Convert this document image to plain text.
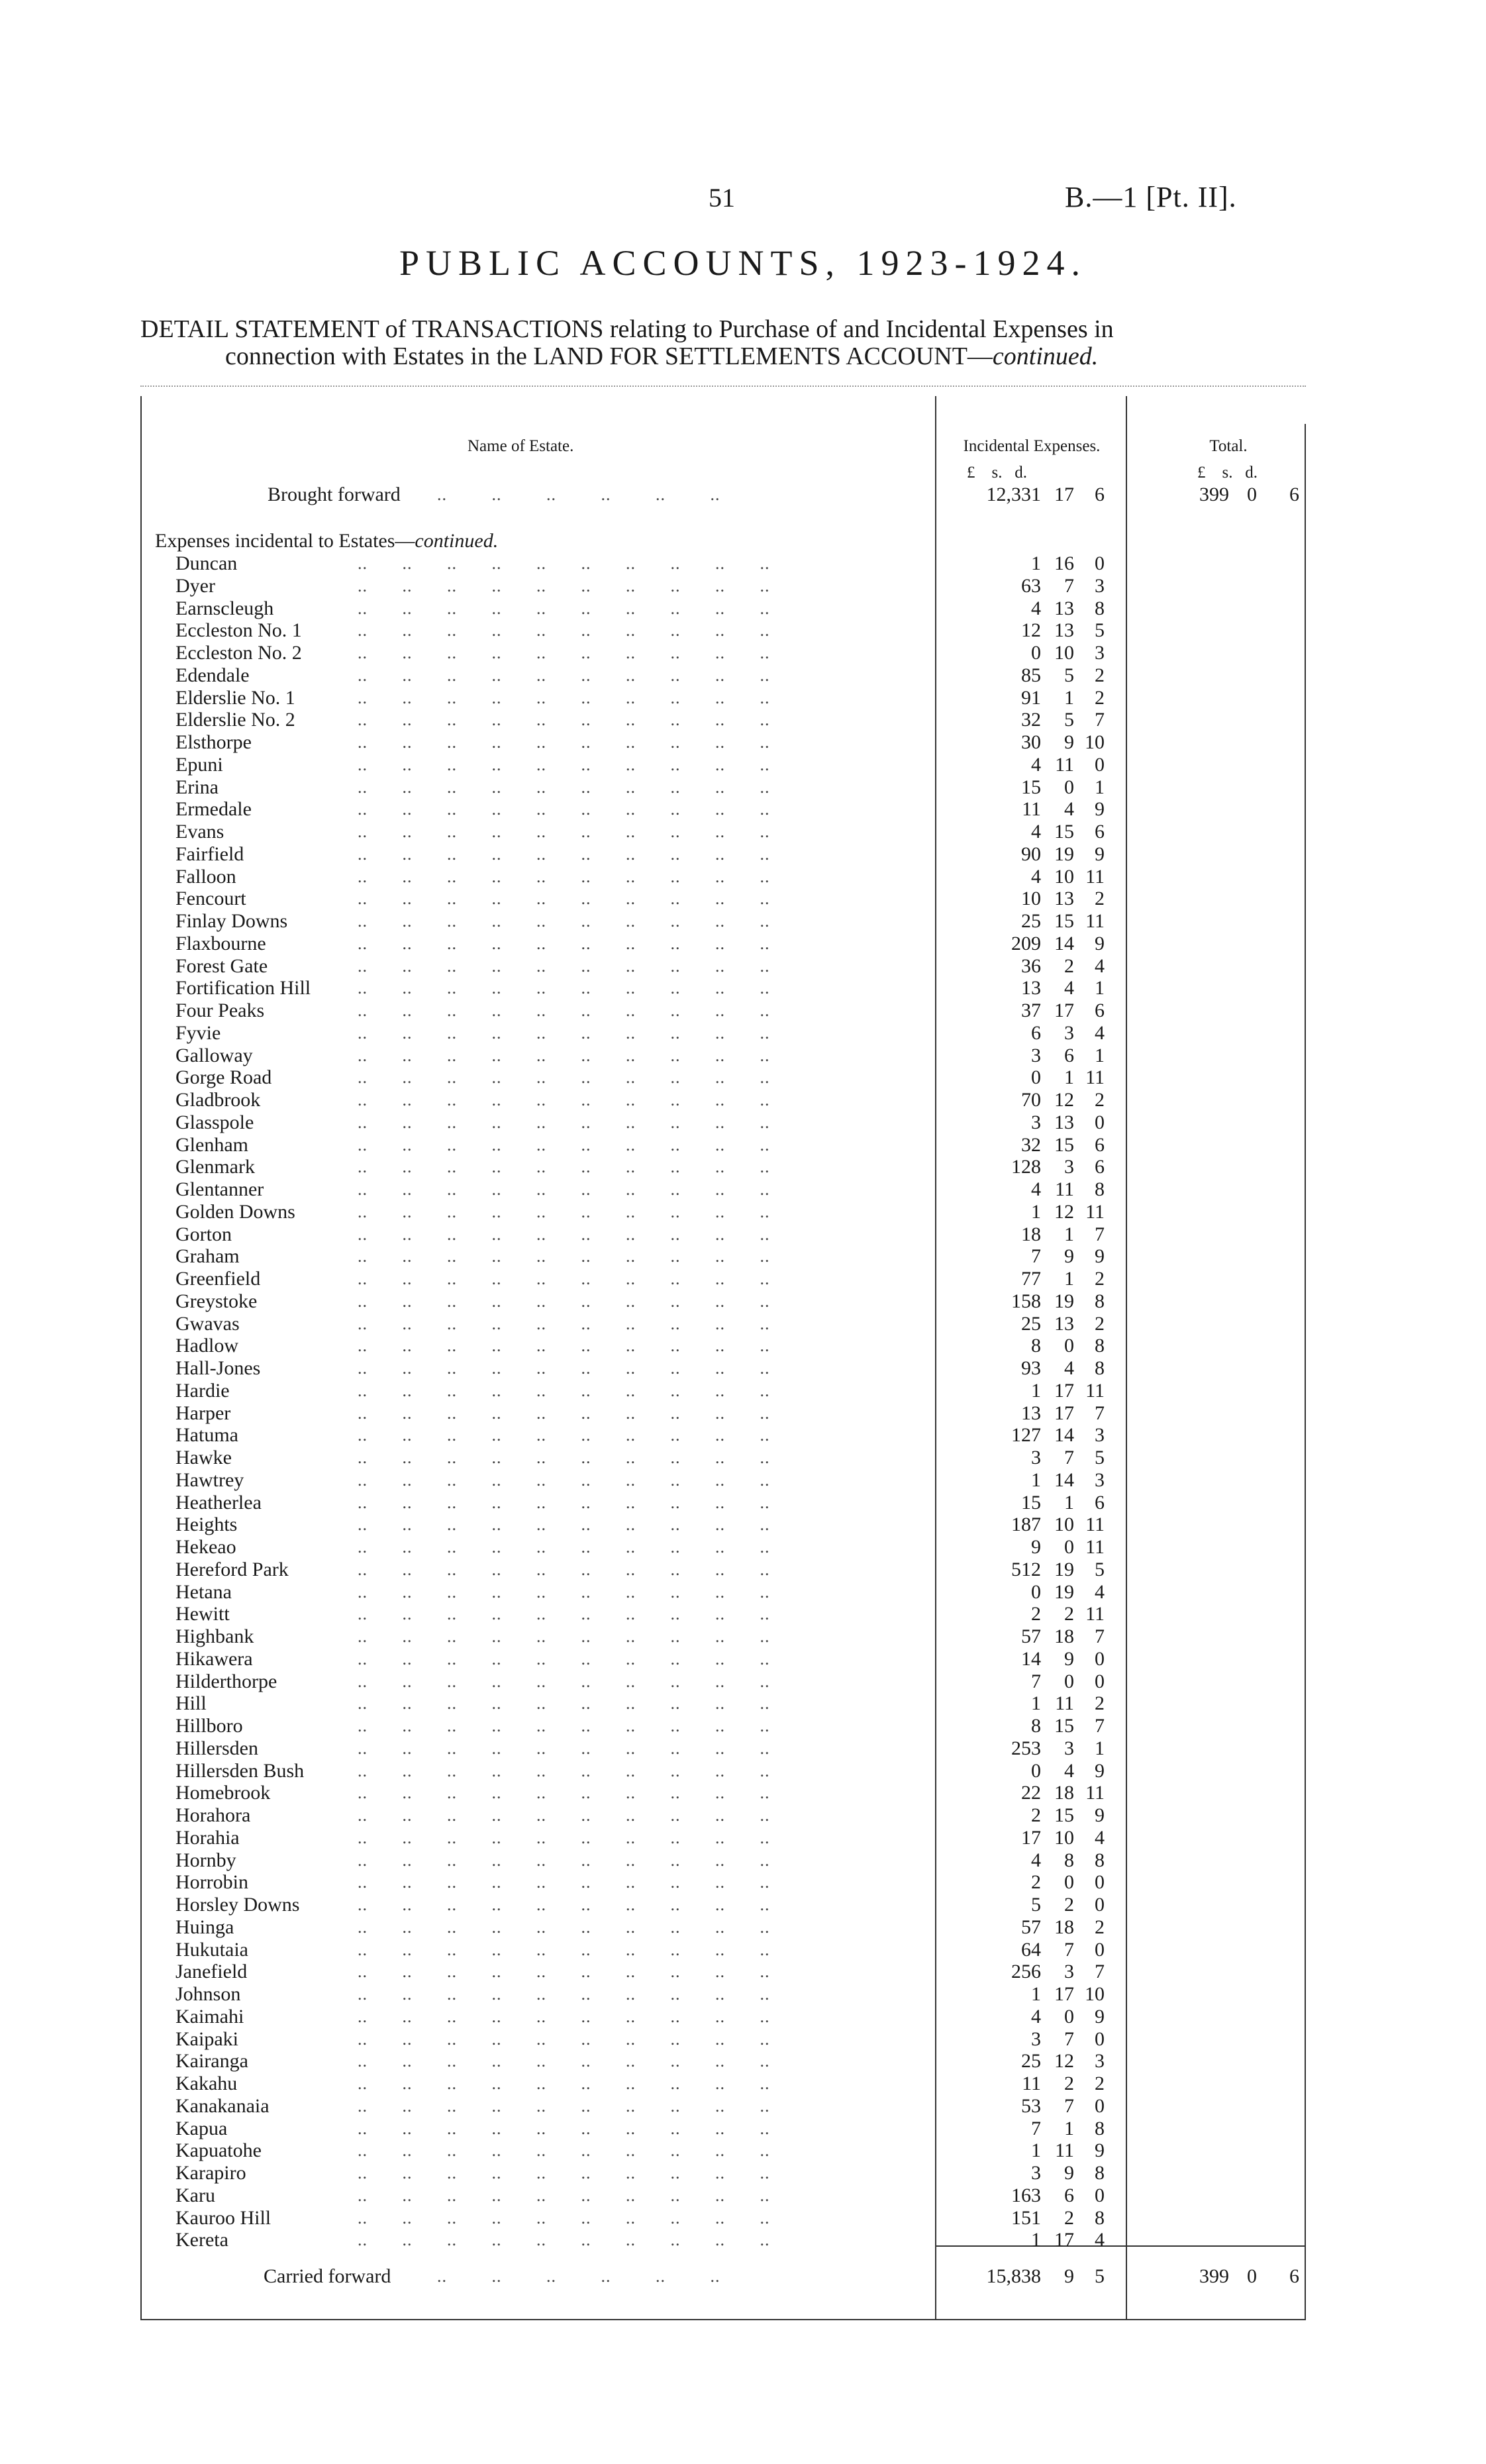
51	B.—1 [Pt. II].
PUBLIC ACCOUNTS, 1923-1924.
DETAIL STATEMENT of TRANSACTIONS relating to Purchase of and Incidental Expenses in
connection with Estates in the LAND FOR SETTLEMENTS ACCOUNT—continued.
Name of Estate.	Incidental Expenses.	Total.
£    s.   d.	£    s.   d.
Brought forward ..         ..         ..         ..         ..         ..	12,331 17	6	399 0	6
Expenses incidental to Estates—continued.
Duncan	..       ..       ..       ..       ..       ..       ..       ..       ..       ..	1 16	0
Dyer	..       ..       ..       ..       ..       ..       ..       ..       ..       ..	63	7	3
Earnscleugh	..       ..       ..       ..       ..       ..       ..       ..       ..       ..	4 13	8
Eccleston No. 1	..       ..       ..       ..       ..       ..       ..       ..       ..       ..	12 13	5
Eccleston No. 2	..       ..       ..       ..       ..       ..       ..       ..       ..       ..	0 10	3
Edendale	..       ..       ..       ..       ..       ..       ..       ..       ..       ..	85	5	2
Elderslie No. 1	..       ..       ..       ..       ..       ..       ..       ..       ..       ..	91	1	2
Elderslie No. 2	..       ..       ..       ..       ..       ..       ..       ..       ..       ..	32	5	7
Elsthorpe	..       ..       ..       ..       ..       ..       ..       ..       ..       ..	30	9 10
Epuni	..       ..       ..       ..       ..       ..       ..       ..       ..       ..	4 11	0
Erina	..       ..       ..       ..       ..       ..       ..       ..       ..       ..	15	0	1
Ermedale	..       ..       ..       ..       ..       ..       ..       ..       ..       ..	11	4	9
Evans	..       ..       ..       ..       ..       ..       ..       ..       ..       ..	4 15	6
Fairfield	..       ..       ..       ..       ..       ..       ..       ..       ..       ..	90 19	9
Falloon	..       ..       ..       ..       ..       ..       ..       ..       ..       ..	4 10 11
Fencourt	..       ..       ..       ..       ..       ..       ..       ..       ..       ..	10 13	2
Finlay Downs	..       ..       ..       ..       ..       ..       ..       ..       ..       ..	25 15 11
Flaxbourne	..       ..       ..       ..       ..       ..       ..       ..       ..       ..	209 14	9
Forest Gate	..       ..       ..       ..       ..       ..       ..       ..       ..       ..	36	2	4
Fortification Hill	..       ..       ..       ..       ..       ..       ..       ..       ..       ..	13	4	1
Four Peaks	..       ..       ..       ..       ..       ..       ..       ..       ..       ..	37 17	6
Fyvie	..       ..       ..       ..       ..       ..       ..       ..       ..       ..	6	3	4
Galloway	..       ..       ..       ..       ..       ..       ..       ..       ..       ..	3	6	1
Gorge Road	..       ..       ..       ..       ..       ..       ..       ..       ..       ..	0	1 11
Gladbrook	..       ..       ..       ..       ..       ..       ..       ..       ..       ..	70 12	2
Glasspole	..       ..       ..       ..       ..       ..       ..       ..       ..       ..	3 13	0
Glenham	..       ..       ..       ..       ..       ..       ..       ..       ..       ..	32 15	6
Glenmark	..       ..       ..       ..       ..       ..       ..       ..       ..       ..	128	3	6
Glentanner	..       ..       ..       ..       ..       ..       ..       ..       ..       ..	4 11	8
Golden Downs	..       ..       ..       ..       ..       ..       ..       ..       ..       ..	1 12 11
Gorton	..       ..       ..       ..       ..       ..       ..       ..       ..       ..	18	1	7
Graham	..       ..       ..       ..       ..       ..       ..       ..       ..       ..	7	9	9
Greenfield	..       ..       ..       ..       ..       ..       ..       ..       ..       ..	77	1	2
Greystoke	..       ..       ..       ..       ..       ..       ..       ..       ..       ..	158 19	8
Gwavas	..       ..       ..       ..       ..       ..       ..       ..       ..       ..	25 13	2
Hadlow	..       ..       ..       ..       ..       ..       ..       ..       ..       ..	8	0	8
Hall-Jones	..       ..       ..       ..       ..       ..       ..       ..       ..       ..	93	4	8
Hardie	..       ..       ..       ..       ..       ..       ..       ..       ..       ..	1 17 11
Harper	..       ..       ..       ..       ..       ..       ..       ..       ..       ..	13 17	7
Hatuma	..       ..       ..       ..       ..       ..       ..       ..       ..       ..	127 14	3
Hawke	..       ..       ..       ..       ..       ..       ..       ..       ..       ..	3	7	5
Hawtrey	..       ..       ..       ..       ..       ..       ..       ..       ..       ..	1 14	3
Heatherlea	..       ..       ..       ..       ..       ..       ..       ..       ..       ..	15	1	6
Heights	..       ..       ..       ..       ..       ..       ..       ..       ..       ..	187 10 11
Hekeao	..       ..       ..       ..       ..       ..       ..       ..       ..       ..	9	0 11
Hereford Park	..       ..       ..       ..       ..       ..       ..       ..       ..       ..	512 19	5
Hetana	..       ..       ..       ..       ..       ..       ..       ..       ..       ..	0 19	4
Hewitt	..       ..       ..       ..       ..       ..       ..       ..       ..       ..	2	2 11
Highbank	..       ..       ..       ..       ..       ..       ..       ..       ..       ..	57 18	7
Hikawera	..       ..       ..       ..       ..       ..       ..       ..       ..       ..	14	9	0
Hilderthorpe	..       ..       ..       ..       ..       ..       ..       ..       ..       ..	7	0	0
Hill	..       ..       ..       ..       ..       ..       ..       ..       ..       ..	1 11	2
Hillboro	..       ..       ..       ..       ..       ..       ..       ..       ..       ..	8 15	7
Hillersden	..       ..       ..       ..       ..       ..       ..       ..       ..       ..	253	3	1
Hillersden Bush	..       ..       ..       ..       ..       ..       ..       ..       ..       ..	0	4	9
Homebrook	..       ..       ..       ..       ..       ..       ..       ..       ..       ..	22 18 11
Horahora	..       ..       ..       ..       ..       ..       ..       ..       ..       ..	2 15	9
Horahia	..       ..       ..       ..       ..       ..       ..       ..       ..       ..	17 10	4
Hornby	..       ..       ..       ..       ..       ..       ..       ..       ..       ..	4	8	8
Horrobin	..       ..       ..       ..       ..       ..       ..       ..       ..       ..	2	0	0
Horsley Downs	..       ..       ..       ..       ..       ..       ..       ..       ..       ..	5	2	0
Huinga	..       ..       ..       ..       ..       ..       ..       ..       ..       ..	57 18	2
Hukutaia	..       ..       ..       ..       ..       ..       ..       ..       ..       ..	64	7	0
Janefield	..       ..       ..       ..       ..       ..       ..       ..       ..       ..	256	3	7
Johnson	..       ..       ..       ..       ..       ..       ..       ..       ..       ..	1 17 10
Kaimahi	..       ..       ..       ..       ..       ..       ..       ..       ..       ..	4	0	9
Kaipaki	..       ..       ..       ..       ..       ..       ..       ..       ..       ..	3	7	0
Kairanga	..       ..       ..       ..       ..       ..       ..       ..       ..       ..	25 12	3
Kakahu	..       ..       ..       ..       ..       ..       ..       ..       ..       ..	11	2	2
Kanakanaia	..       ..       ..       ..       ..       ..       ..       ..       ..       ..	53	7	0
Kapua	..       ..       ..       ..       ..       ..       ..       ..       ..       ..	7	1	8
Kapuatohe	..       ..       ..       ..       ..       ..       ..       ..       ..       ..	1 11	9
Karapiro	..       ..       ..       ..       ..       ..       ..       ..       ..       ..	3	9	8
Karu	..       ..       ..       ..       ..       ..       ..       ..       ..       ..	163	6	0
Kauroo Hill	..       ..       ..       ..       ..       ..       ..       ..       ..       ..	151	2	8
Kereta	..       ..       ..       ..       ..       ..       ..       ..       ..       ..	1 17	4
Carried forward	..         ..         ..         ..         ..         ..	15,838	9	5	399 0	6
